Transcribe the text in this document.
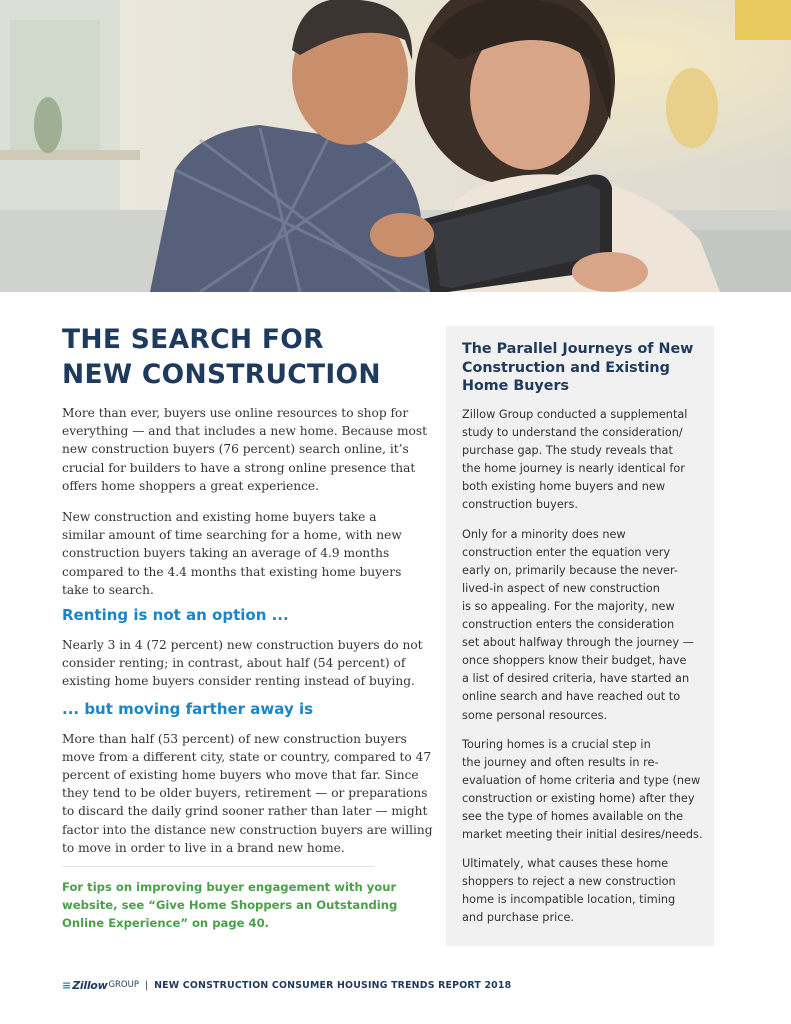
THE SEARCH FOR
NEW CONSTRUCTION

More than ever, buyers use online resources to shop for
everything — and that includes a new home. Because most
new construction buyers (76 percent) search online, it’s
crucial for builders to have a strong online presence that
offers home shoppers a great experience.

New construction and existing home buyers take a
similar amount of time searching for a home, with new
construction buyers taking an average of 4.9 months
compared to the 4.4 months that existing home buyers
take to search.

Renting is not an option ...

Nearly 3 in 4 (72 percent) new construction buyers do not
consider renting; in contrast, about half (54 percent) of
existing home buyers consider renting instead of buying.

... but moving farther away is

More than half (53 percent) of new construction buyers
move from a different city, state or country, compared to 47
percent of existing home buyers who move that far. Since
they tend to be older buyers, retirement — or preparations
to discard the daily grind sooner rather than later — might
factor into the distance new construction buyers are willing
to move in order to live in a brand new home.

For tips on improving buyer engagement with your
website, see “Give Home Shoppers an Outstanding
Online Experience” on page 40.

The Parallel Journeys of New
Construction and Existing
Home Buyers

Zillow Group conducted a supplemental
study to understand the consideration/
purchase gap. The study reveals that
the home journey is nearly identical for
both existing home buyers and new
construction buyers.

Only for a minority does new
construction enter the equation very
early on, primarily because the never-
lived-in aspect of new construction
is so appealing. For the majority, new
construction enters the consideration
set about halfway through the journey —
once shoppers know their budget, have
a list of desired criteria, have started an
online search and have reached out to
some personal resources.

Touring homes is a crucial step in
the journey and often results in re-
evaluation of home criteria and type (new
construction or existing home) after they
see the type of homes available on the
market meeting their initial desires/needs.

Ultimately, what causes these home
shoppers to reject a new construction
home is incompatible location, timing
and purchase price.

≡ Zillow GROUP | NEW CONSTRUCTION CONSUMER HOUSING TRENDS REPORT 2018
